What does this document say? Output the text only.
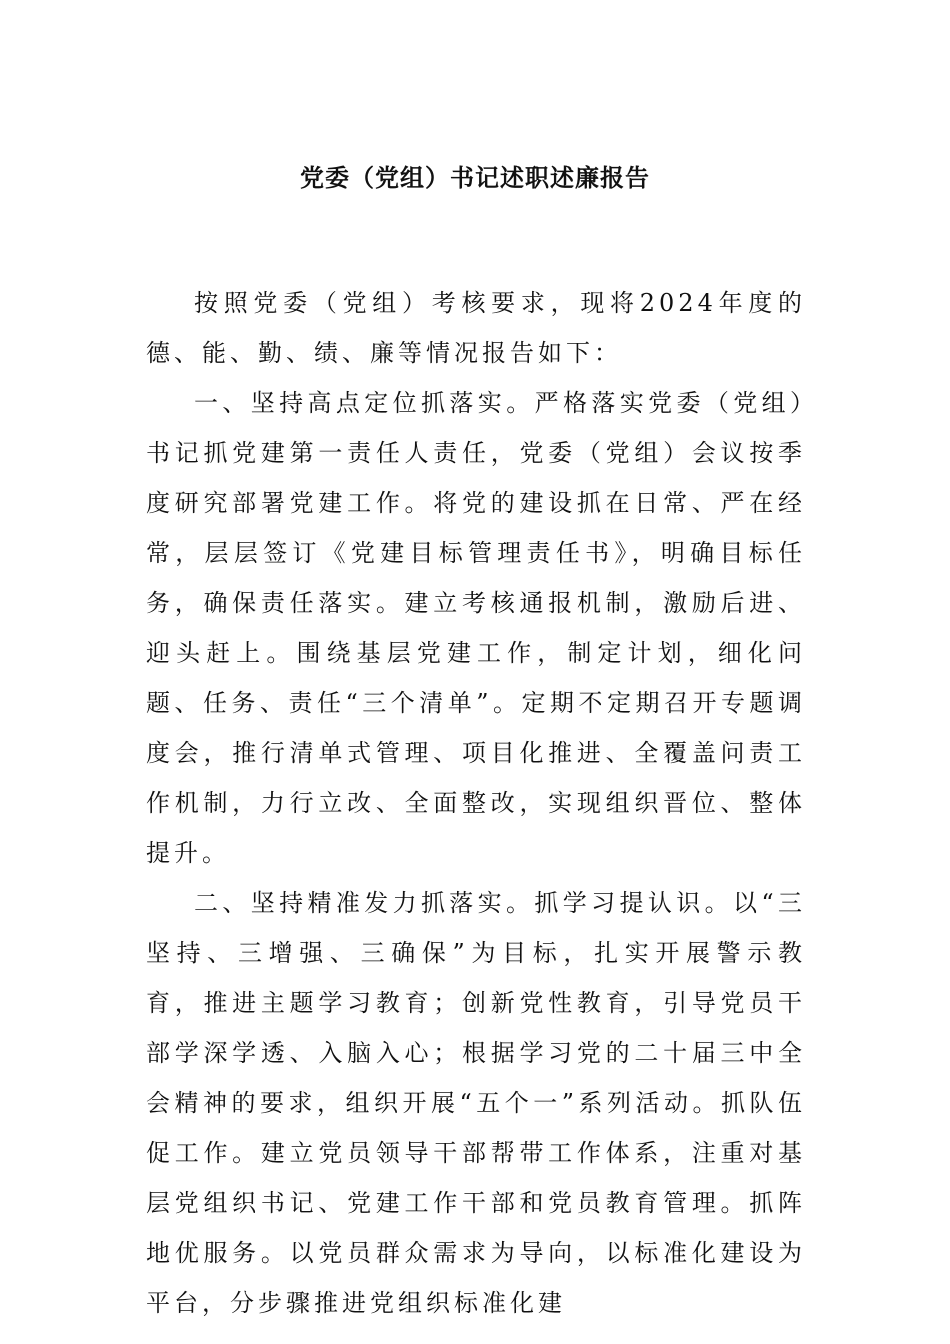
党委（党组）书记述职述廉报告

按照党委（党组）考核要求，现将2024年度的德、能、勤、绩、廉等情况报告如下：

一、坚持高点定位抓落实。严格落实党委（党组）书记抓党建第一责任人责任，党委（党组）会议按季度研究部署党建工作。将党的建设抓在日常、严在经常，层层签订《党建目标管理责任书》，明确目标任务，确保责任落实。建立考核通报机制，激励后进、迎头赶上。围绕基层党建工作，制定计划，细化问题、任务、责任“三个清单”。定期不定期召开专题调度会，推行清单式管理、项目化推进、全覆盖问责工作机制，力行立改、全面整改，实现组织晋位、整体提升。

二、坚持精准发力抓落实。抓学习提认识。以“三坚持、三增强、三确保”为目标，扎实开展警示教育，推进主题学习教育；创新党性教育，引导党员干部学深学透、入脑入心；根据学习党的二十届三中全会精神的要求，组织开展“五个一”系列活动。抓队伍促工作。建立党员领导干部帮带工作体系，注重对基层党组织书记、党建工作干部和党员教育管理。抓阵地优服务。以党员群众需求为导向，以标准化建设为平台，分步骤推进党组织标准化建
